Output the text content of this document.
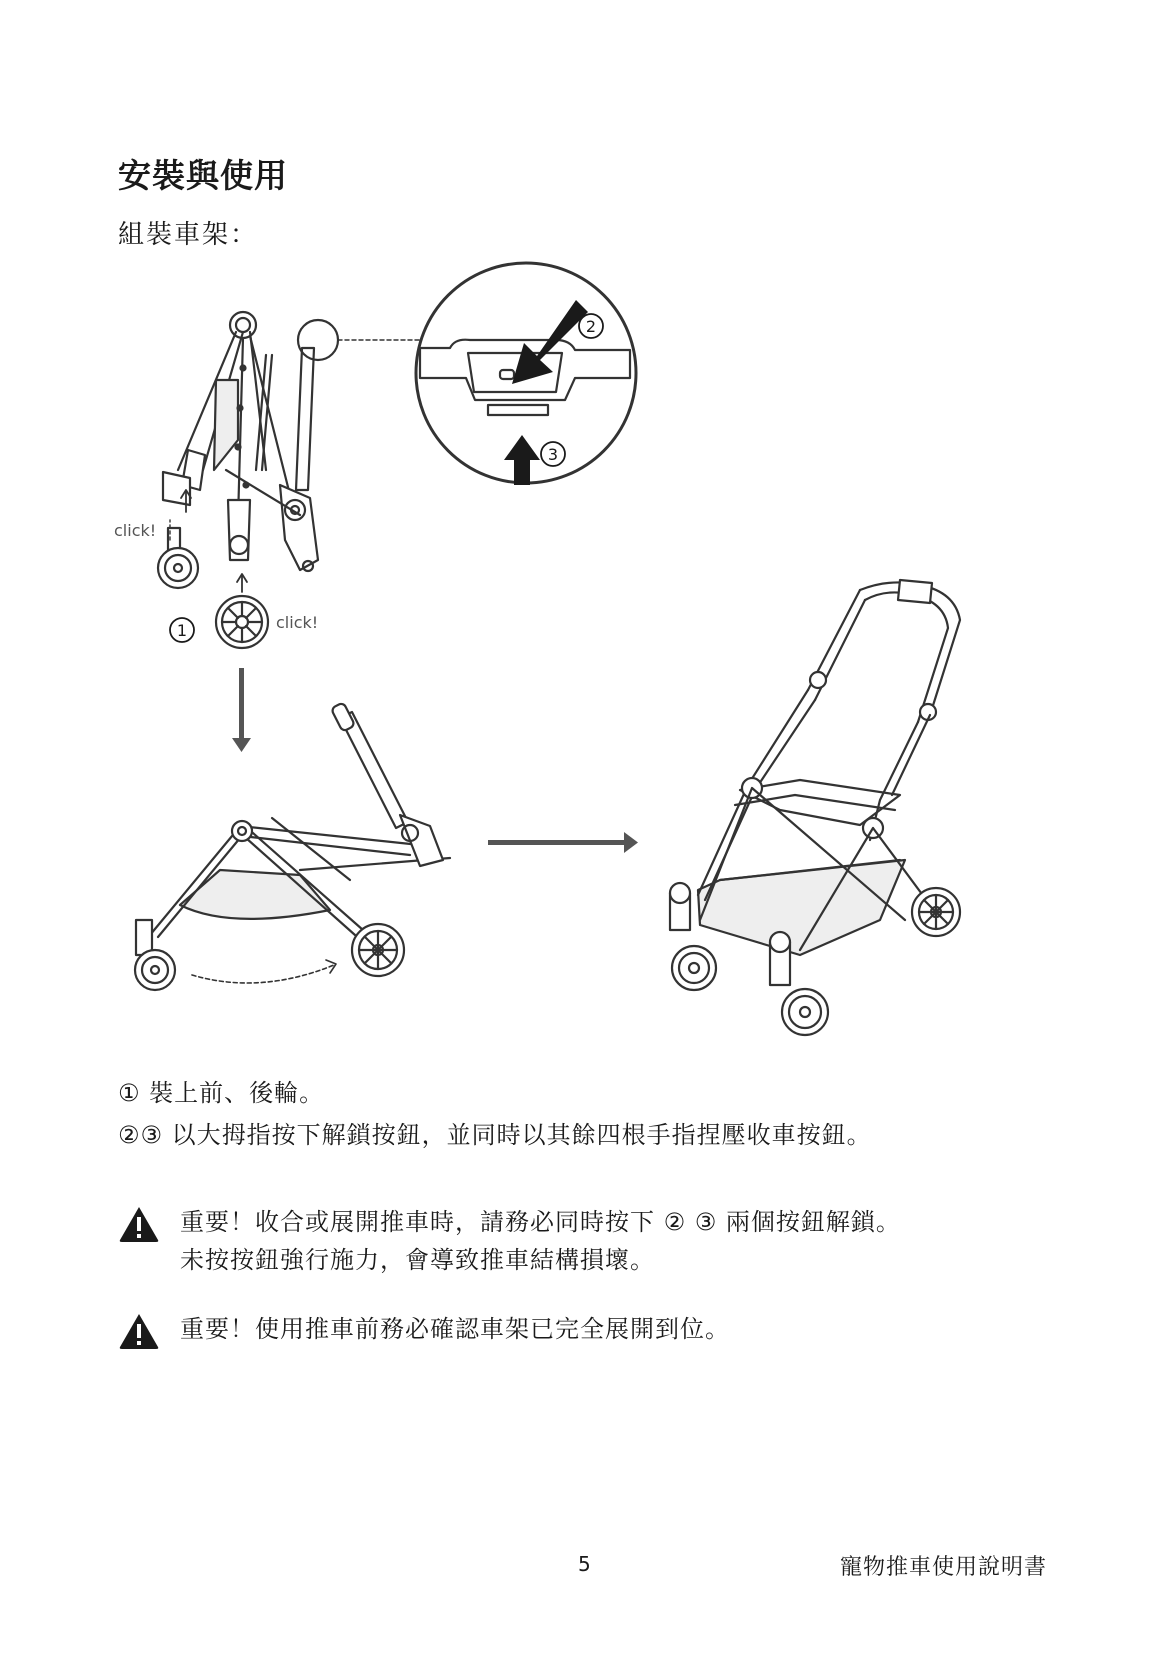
安裝與使用
組裝車架：
2
3
1
click!
click!
① 裝上前、後輪。
②③ 以大拇指按下解鎖按鈕，並同時以其餘四根手指捏壓收車按鈕。
重要！收合或展開推車時，請務必同時按下 ② ③ 兩個按鈕解鎖。
未按按鈕強行施力，會導致推車結構損壞。
重要！使用推車前務必確認車架已完全展開到位。
5	寵物推車使用說明書
